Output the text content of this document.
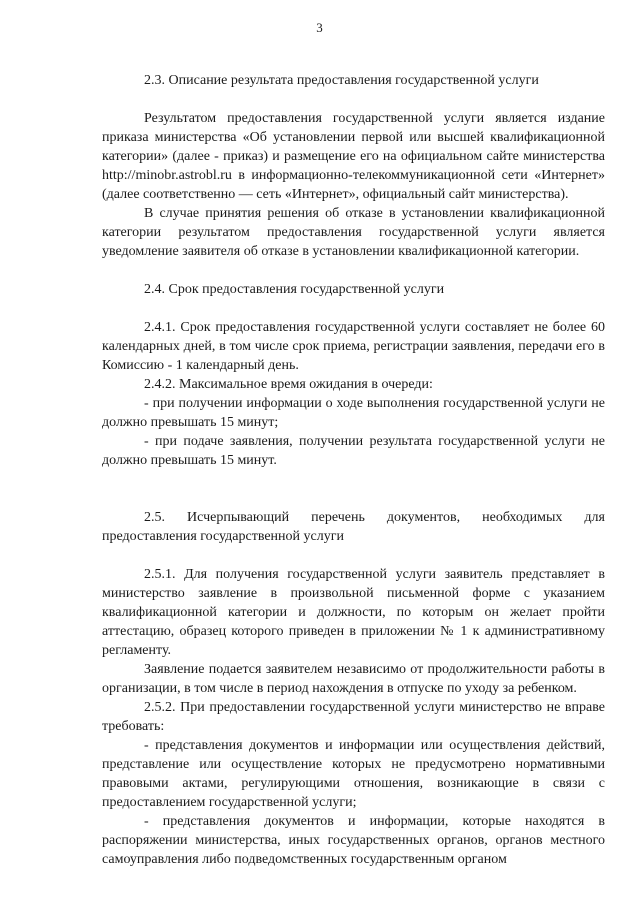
3

2.3. Описание результата предоставления государственной услуги

Результатом предоставления государственной услуги является издание приказа министерства «Об установлении первой или высшей квалификационной категории» (далее - приказ) и размещение его на официальном сайте министерства http://minobr.astrobl.ru в информационно-телекоммуникационной сети «Интернет» (далее соответственно — сеть «Интернет», официальный сайт министерства).

В случае принятия решения об отказе в установлении квалификационной категории результатом предоставления государственной услуги является уведомление заявителя об отказе в установлении квалификационной категории.

2.4. Срок предоставления государственной услуги

2.4.1. Срок предоставления государственной услуги составляет не более 60 календарных дней, в том числе срок приема, регистрации заявления, передачи его в Комиссию - 1 календарный день.

2.4.2. Максимальное время ожидания в очереди:

- при получении информации о ходе выполнения государственной услуги не должно превышать 15 минут;

- при подаче заявления, получении результата государственной услуги не должно превышать 15 минут.

2.5. Исчерпывающий перечень документов, необходимых для предоставления государственной услуги

2.5.1. Для получения государственной услуги заявитель представляет в министерство заявление в произвольной письменной форме с указанием квалификационной категории и должности, по которым он желает пройти аттестацию, образец которого приведен в приложении № 1 к административному регламенту.

Заявление подается заявителем независимо от продолжительности работы в организации, в том числе в период нахождения в отпуске по уходу за ребенком.

2.5.2. При предоставлении государственной услуги министерство не вправе требовать:

- представления документов и информации или осуществления действий, представление или осуществление которых не предусмотрено нормативными правовыми актами, регулирующими отношения, возникающие в связи с предоставлением государственной услуги;

- представления документов и информации, которые находятся в распоряжении министерства, иных государственных органов, органов местного самоуправления либо подведомственных государственным органом
